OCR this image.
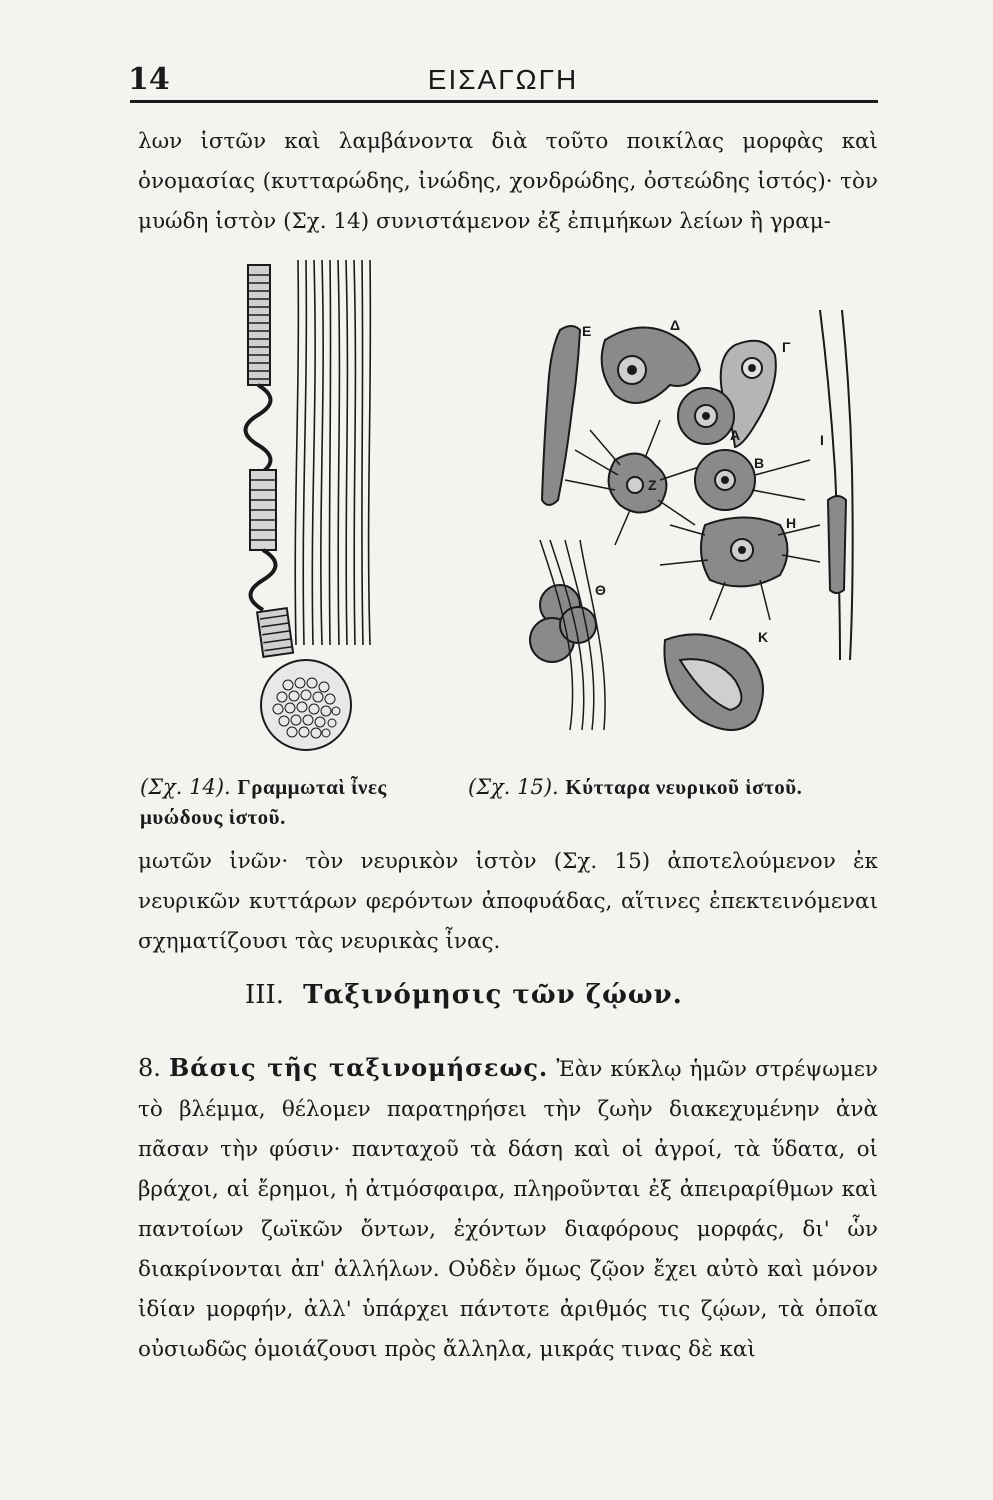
14	ΕΙΣΑΓΩΓΗ

λων ἱστῶν καὶ λαμβάνοντα διὰ τοῦτο ποικίλας μορφὰς καὶ ὀνομασίας (κυτταρώδης, ἰνώδης, χονδρώδης, ὀστεώδης ἱστός)· τὸν μυώδη ἱστὸν (Σχ. 14) συνιστάμενον ἐξ ἐπιμήκων λείων ἢ γραμ-

Ε	Δ
Γ
Α
Ζ
Β
Η
Ι
Θ
Κ

(Σχ. 14). Γραμμωταὶ ἶνες μυώδους ἱστοῦ.

(Σχ. 15). Κύτταρα νευρικοῦ ἱστοῦ.

μωτῶν ἰνῶν· τὸν νευρικὸν ἱστὸν (Σχ. 15) ἀποτελούμενον ἐκ νευρικῶν κυττάρων φερόντων ἀποφυάδας, αἵτινες ἐπεκτεινόμεναι σχηματίζουσι τὰς νευρικὰς ἶνας.

III. Ταξινόμησις τῶν ζῴων.

8. Βάσις τῆς ταξινομήσεως. Ἐὰν κύκλῳ ἡμῶν στρέψωμεν τὸ βλέμμα, θέλομεν παρατηρήσει τὴν ζωὴν διακεχυμένην ἀνὰ πᾶσαν τὴν φύσιν· πανταχοῦ τὰ δάση καὶ οἱ ἀγροί, τὰ ὕδατα, οἱ βράχοι, αἱ ἔρημοι, ἡ ἀτμόσφαιρα, πληροῦνται ἐξ ἀπειραρίθμων καὶ παντοίων ζωϊκῶν ὄντων, ἐχόντων διαφόρους μορφάς, δι' ὧν διακρίνονται ἀπ' ἀλλήλων. Οὐδὲν ὅμως ζῷον ἔχει αὐτὸ καὶ μόνον ἰδίαν μορφήν, ἀλλ' ὑπάρχει πάντοτε ἀριθμός τις ζῴων, τὰ ὁποῖα οὐσιωδῶς ὁμοιάζουσι πρὸς ἄλληλα, μικράς τινας δὲ καὶ
